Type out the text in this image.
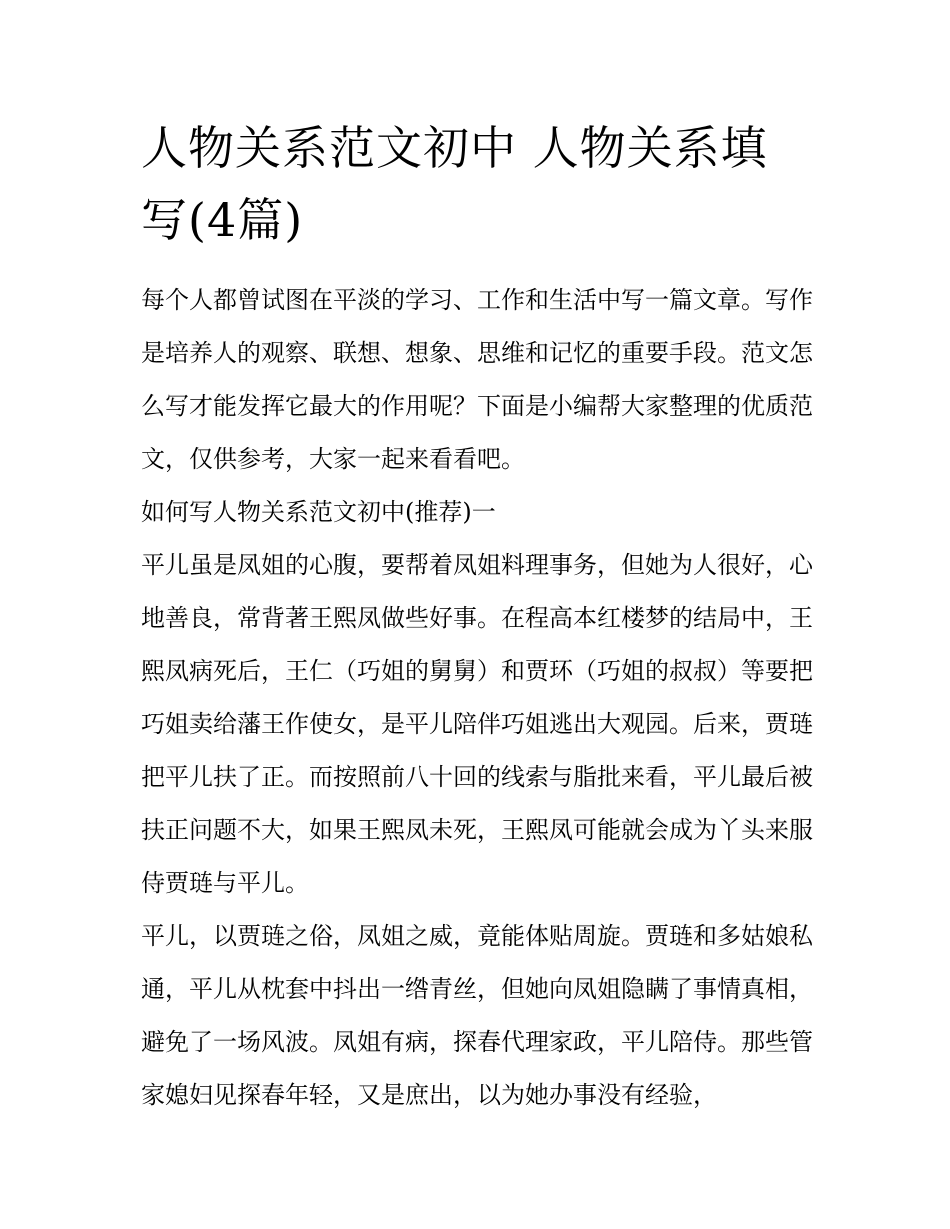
人物关系范文初中 人物关系填写(4篇)

每个人都曾试图在平淡的学习、工作和生活中写一篇文章。写作是培养人的观察、联想、想象、思维和记忆的重要手段。范文怎么写才能发挥它最大的作用呢？下面是小编帮大家整理的优质范文，仅供参考，大家一起来看看吧。

如何写人物关系范文初中(推荐)一

平儿虽是凤姐的心腹，要帮着凤姐料理事务，但她为人很好，心地善良，常背著王熙凤做些好事。在程高本红楼梦的结局中，王熙凤病死后，王仁（巧姐的舅舅）和贾环（巧姐的叔叔）等要把巧姐卖给藩王作使女，是平儿陪伴巧姐逃出大观园。后来，贾琏把平儿扶了正。而按照前八十回的线索与脂批来看，平儿最后被扶正问题不大，如果王熙凤未死，王熙凤可能就会成为丫头来服侍贾琏与平儿。

平儿，以贾琏之俗，凤姐之威，竟能体贴周旋。贾琏和多姑娘私通，平儿从枕套中抖出一绺青丝，但她向凤姐隐瞒了事情真相，避免了一场风波。凤姐有病，探春代理家政，平儿陪侍。那些管家媳妇见探春年轻，又是庶出，以为她办事没有经验，
